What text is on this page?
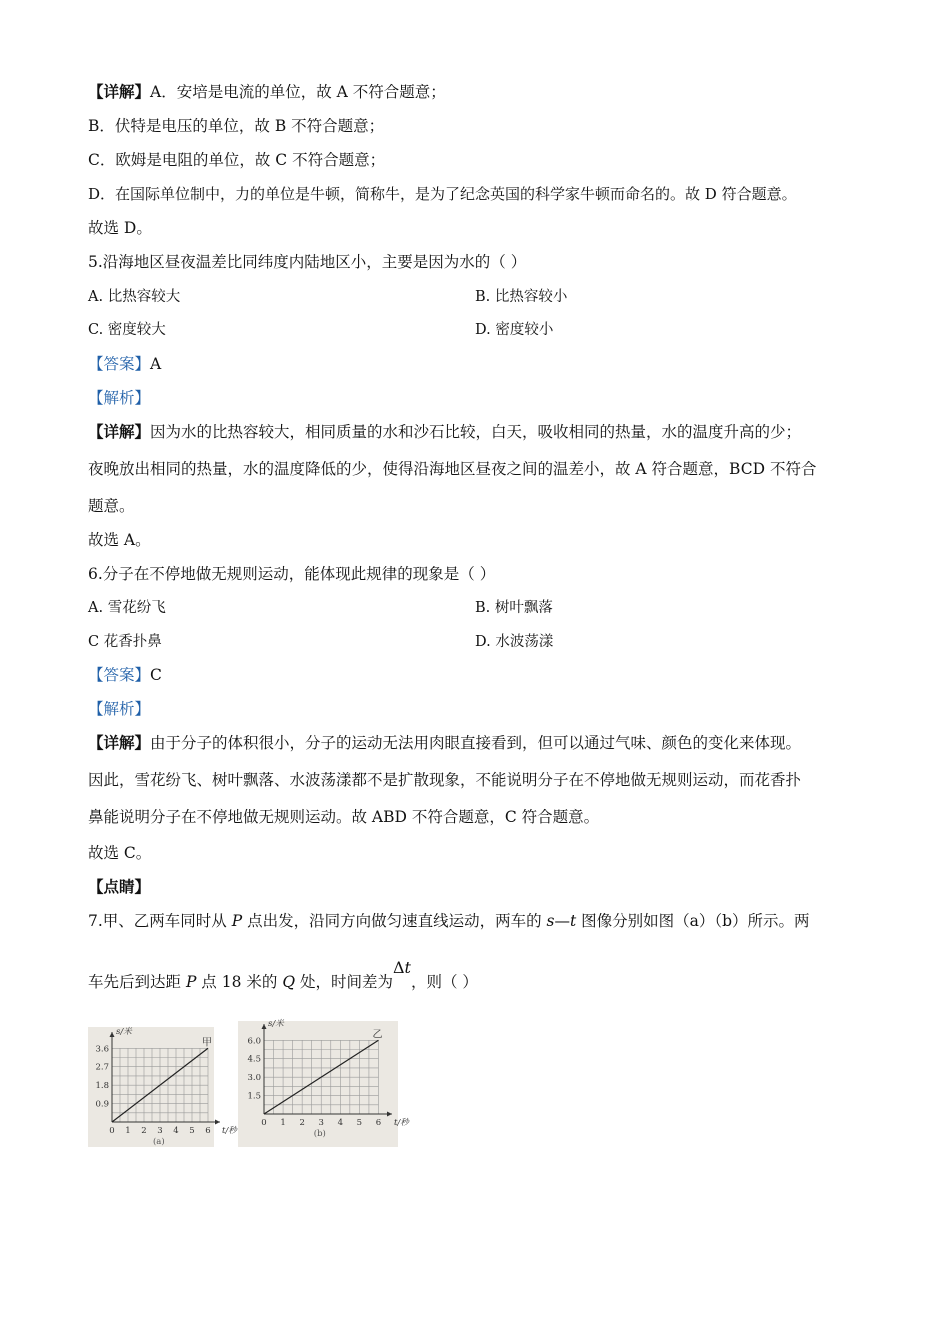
【详解】A．安培是电流的单位，故 A 不符合题意；
B．伏特是电压的单位，故 B 不符合题意；
C．欧姆是电阻的单位，故 C 不符合题意；
D．在国际单位制中，力的单位是牛顿，简称牛，是为了纪念英国的科学家牛顿而命名的。故 D 符合题意。
故选 D。
5.沿海地区昼夜温差比同纬度内陆地区小，主要是因为水的（ ）
A. 比热容较大	B. 比热容较小
C. 密度较大	D. 密度较小
【答案】A
【解析】
【详解】因为水的比热容较大，相同质量的水和沙石比较，白天，吸收相同的热量，水的温度升高的少；
夜晚放出相同的热量，水的温度降低的少，使得沿海地区昼夜之间的温差小，故 A 符合题意，BCD 不符合
题意。
故选 A。
6.分子在不停地做无规则运动，能体现此规律的现象是（ ）
A. 雪花纷飞	B. 树叶飘落
C 花香扑鼻	D. 水波荡漾
【答案】C
【解析】
【详解】由于分子的体积很小，分子的运动无法用肉眼直接看到，但可以通过气味、颜色的变化来体现。
因此，雪花纷飞、树叶飘落、水波荡漾都不是扩散现象，不能说明分子在不停地做无规则运动，而花香扑
鼻能说明分子在不停地做无规则运动。故 ABD 不符合题意，C 符合题意。
故选 C。
【点睛】
7.甲、乙两车同时从 P 点出发，沿同方向做匀速直线运动，两车的 s—t 图像分别如图（a）（b）所示。两
车先后到达距 P 点 18 米的 Q 处，时间差为Δt，则（ ）
0 1 2 3 4 5 6
0.9
1.8
2.7
3.6
t/秒
s/米
甲
(a)
0 1 2 3 4 5 6
1.5
3.0
4.5
6.0
t/秒
s/米
乙
(b)
